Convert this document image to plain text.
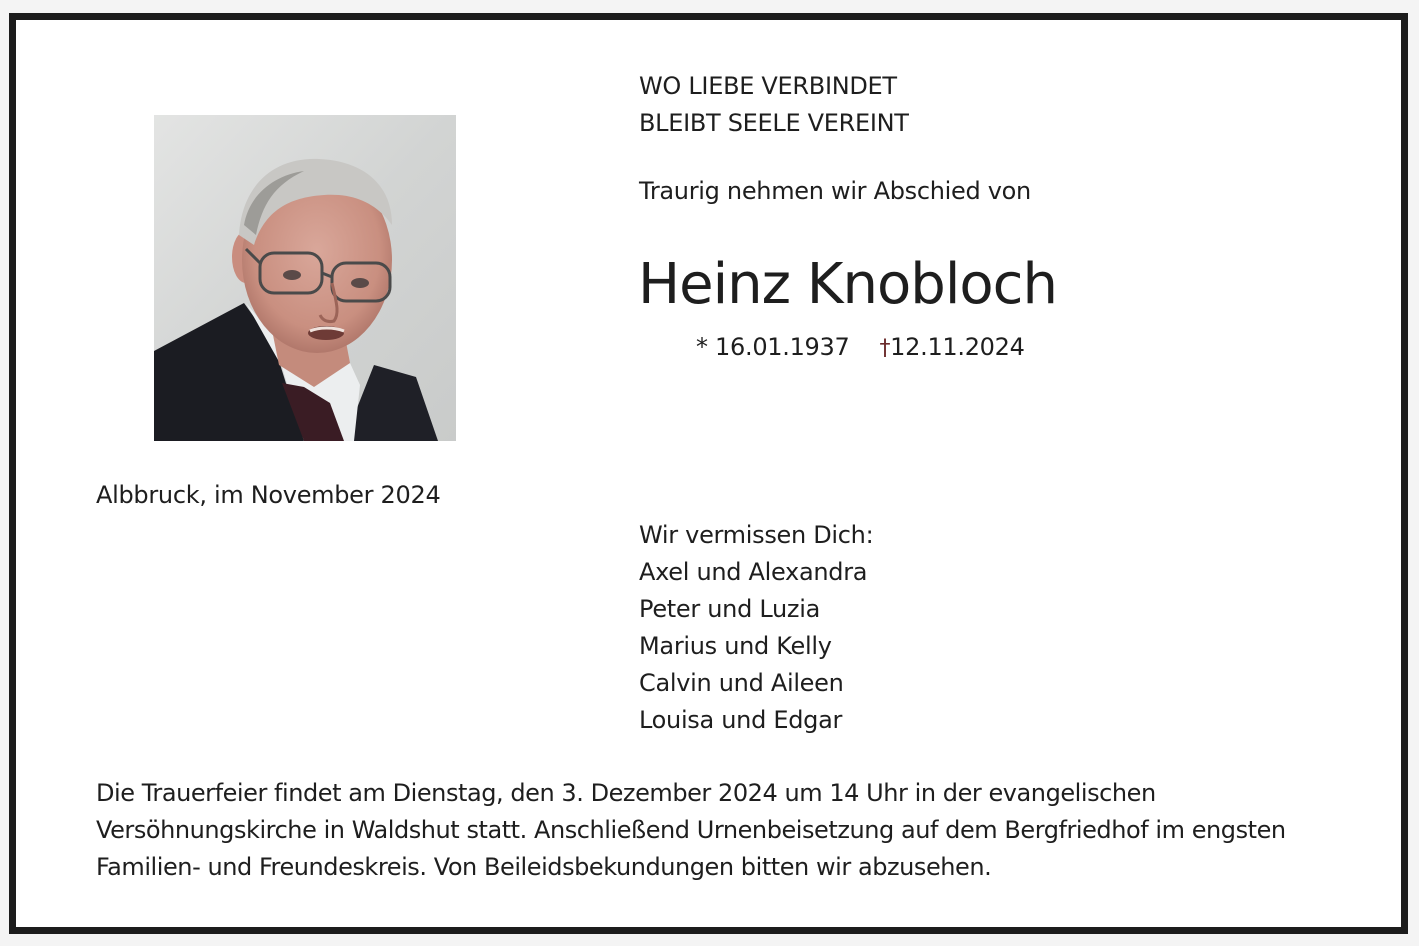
WO LIEBE VERBINDET
BLEIBT SEELE VEREINT
Traurig nehmen wir Abschied von
Heinz Knobloch
* 16.01.1937 †12.11.2024
Albbruck, im November 2024
Wir vermissen Dich:
Axel und Alexandra
Peter und Luzia
Marius und Kelly
Calvin und Aileen
Louisa und Edgar
Die Trauerfeier findet am Dienstag, den 3. Dezember 2024 um 14 Uhr in der evangelischen
Versöhnungskirche in Waldshut statt. Anschließend Urnenbeisetzung auf dem Bergfriedhof im engsten
Familien- und Freundeskreis. Von Beileidsbekundungen bitten wir abzusehen.
